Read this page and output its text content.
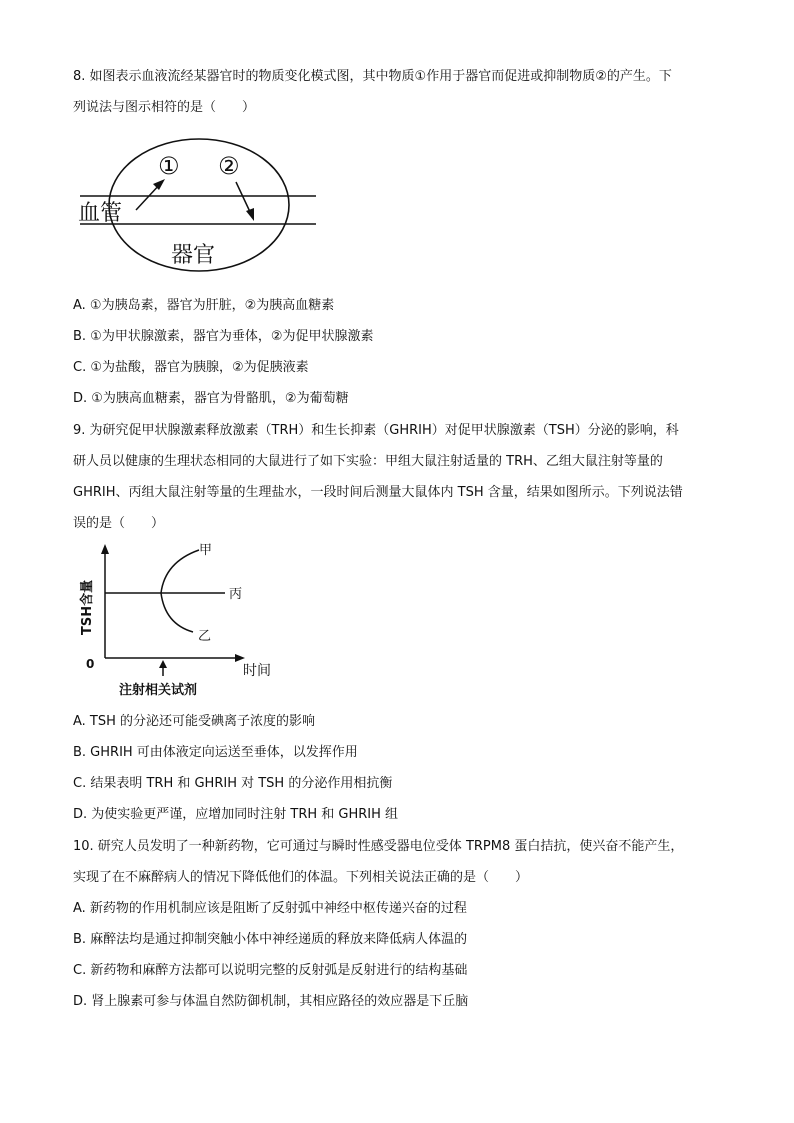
8. 如图表示血液流经某器官时的物质变化模式图，其中物质①作用于器官而促进或抑制物质②的产生。下
列说法与图示相符的是（　　）
血管
器官
① ②
A. ①为胰岛素，器官为肝脏，②为胰高血糖素
B. ①为甲状腺激素，器官为垂体，②为促甲状腺激素
C. ①为盐酸，器官为胰腺，②为促胰液素
D. ①为胰高血糖素，器官为骨骼肌，②为葡萄糖
9. 为研究促甲状腺激素释放激素（TRH）和生长抑素（GHRIH）对促甲状腺激素（TSH）分泌的影响，科
研人员以健康的生理状态相同的大鼠进行了如下实验：甲组大鼠注射适量的 TRH、乙组大鼠注射等量的
GHRIH、丙组大鼠注射等量的生理盐水，一段时间后测量大鼠体内 TSH 含量，结果如图所示。下列说法错
误的是（　　）
0
TSH含量
时间
甲
丙
乙
注射相关试剂
A. TSH 的分泌还可能受碘离子浓度的影响
B. GHRIH 可由体液定向运送至垂体，以发挥作用
C. 结果表明 TRH 和 GHRIH 对 TSH 的分泌作用相抗衡
D. 为使实验更严谨，应增加同时注射 TRH 和 GHRIH 组
10. 研究人员发明了一种新药物，它可通过与瞬时性感受器电位受体 TRPM8 蛋白拮抗，使兴奋不能产生，
实现了在不麻醉病人的情况下降低他们的体温。下列相关说法正确的是（　　）
A. 新药物的作用机制应该是阻断了反射弧中神经中枢传递兴奋的过程
B. 麻醉法均是通过抑制突触小体中神经递质的释放来降低病人体温的
C. 新药物和麻醉方法都可以说明完整的反射弧是反射进行的结构基础
D. 肾上腺素可参与体温自然防御机制，其相应路径的效应器是下丘脑
